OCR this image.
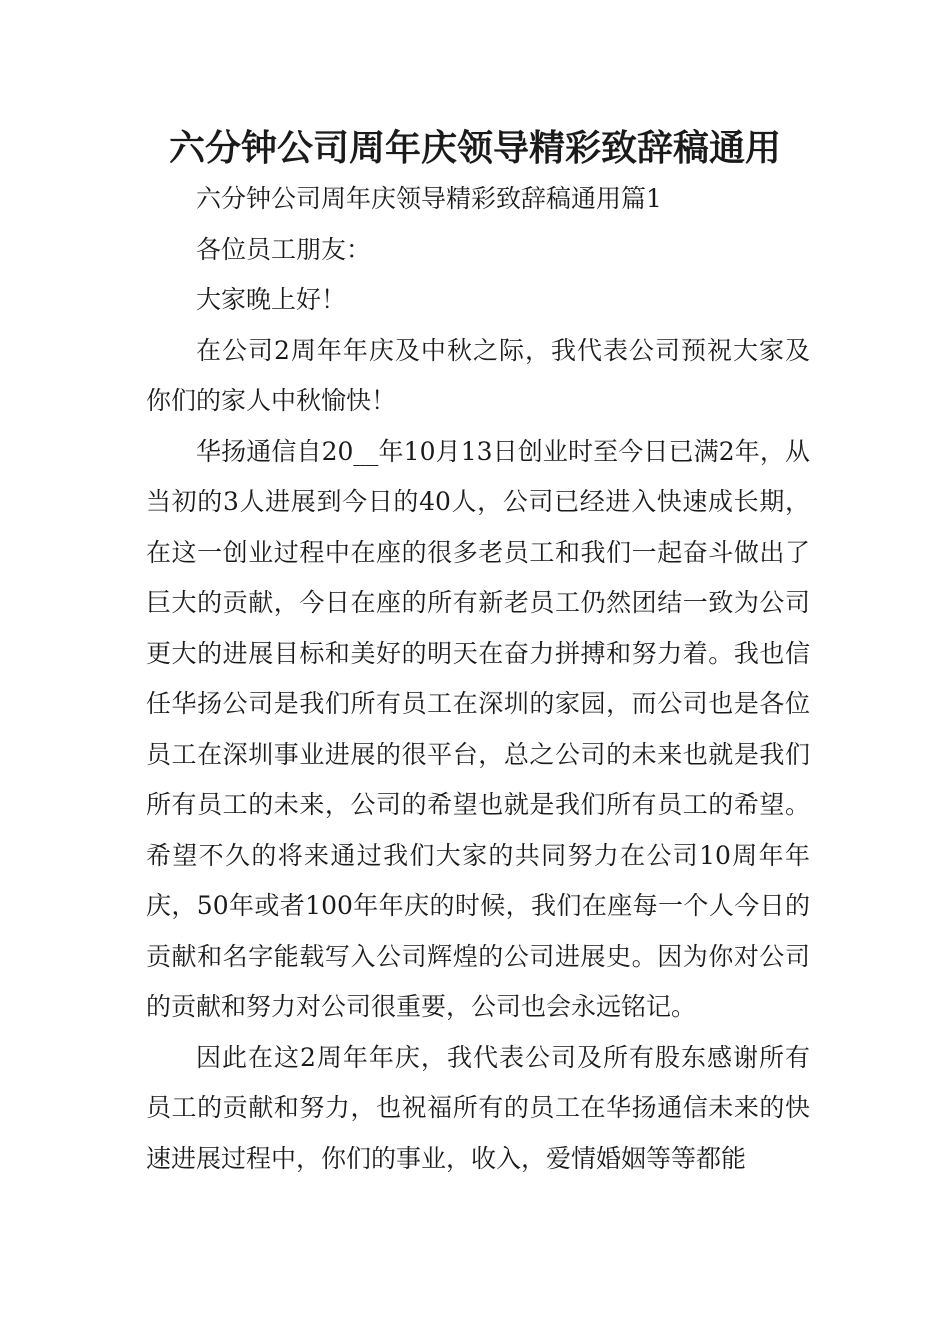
六分钟公司周年庆领导精彩致辞稿通用

六分钟公司周年庆领导精彩致辞稿通用篇1

各位员工朋友：

大家晚上好！

在公司2周年年庆及中秋之际，我代表公司预祝大家及你们的家人中秋愉快！

华扬通信自20__年10月13日创业时至今日已满2年，从当初的3人进展到今日的40人，公司已经进入快速成长期，在这一创业过程中在座的很多老员工和我们一起奋斗做出了巨大的贡献，今日在座的所有新老员工仍然团结一致为公司更大的进展目标和美好的明天在奋力拼搏和努力着。我也信任华扬公司是我们所有员工在深圳的家园，而公司也是各位员工在深圳事业进展的很平台，总之公司的未来也就是我们所有员工的未来，公司的希望也就是我们所有员工的希望。希望不久的将来通过我们大家的共同努力在公司10周年年庆，50年或者100年年庆的时候，我们在座每一个人今日的贡献和名字能载写入公司辉煌的公司进展史。因为你对公司的贡献和努力对公司很重要，公司也会永远铭记。

因此在这2周年年庆，我代表公司及所有股东感谢所有员工的贡献和努力，也祝福所有的员工在华扬通信未来的快速进展过程中，你们的事业，收入，爱情婚姻等等都能
